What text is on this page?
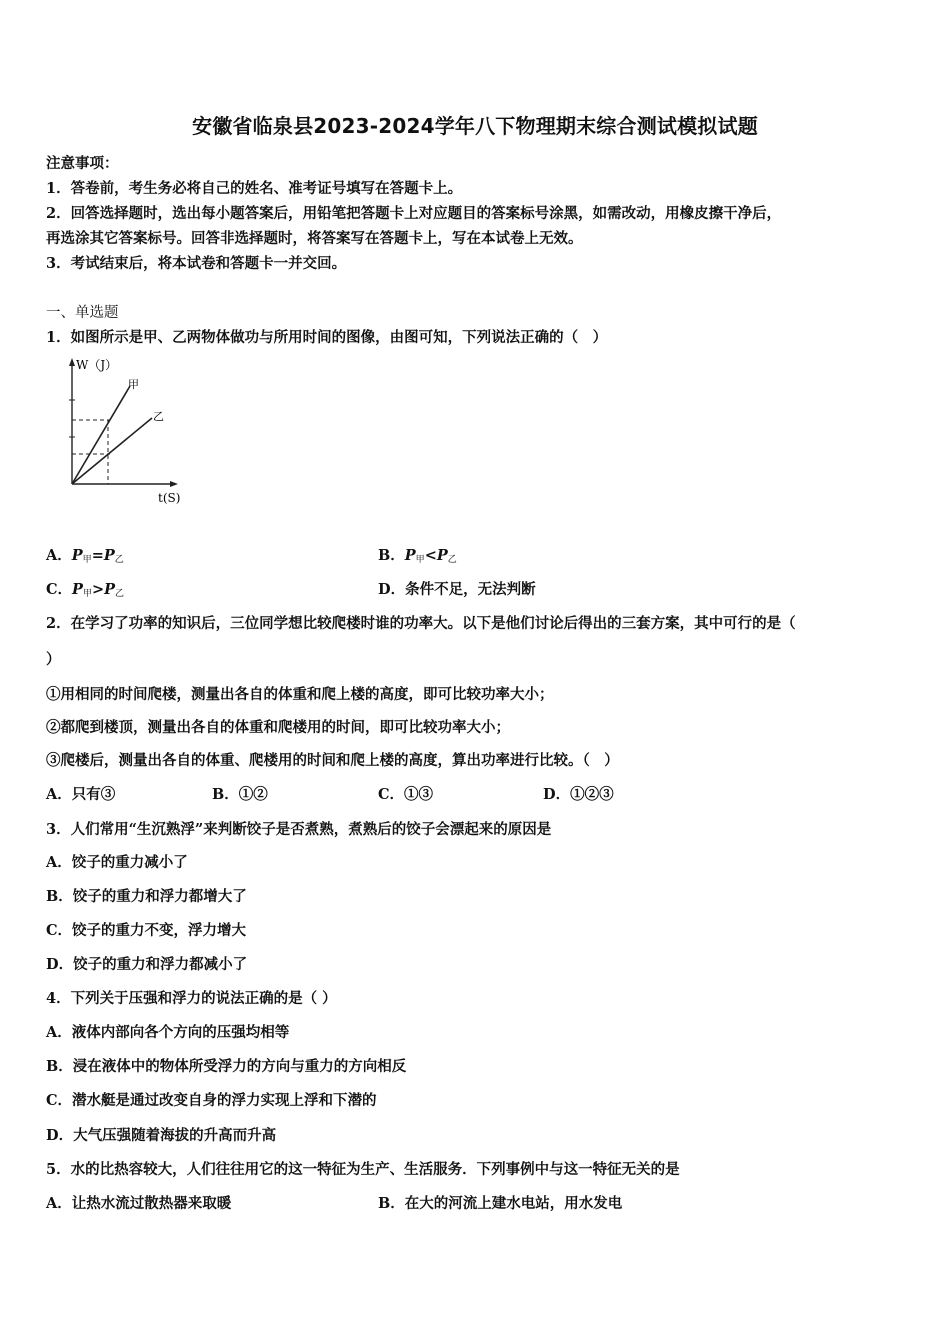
安徽省临泉县2023-2024学年八下物理期末综合测试模拟试题
注意事项：
1．答卷前，考生务必将自己的姓名、准考证号填写在答题卡上。
2．回答选择题时，选出每小题答案后，用铅笔把答题卡上对应题目的答案标号涂黑，如需改动，用橡皮擦干净后，
再选涂其它答案标号。回答非选择题时，将答案写在答题卡上，写在本试卷上无效。
3．考试结束后，将本试卷和答题卡一并交回。
一、单选题
1．如图所示是甲、乙两物体做功与所用时间的图像，由图可知，下列说法正确的（　）
W（J）
甲
乙
t(S)
A．$P_甲=P_乙$	B．$P_甲<P_乙$
C．$P_甲>P_乙$	D．条件不足，无法判断
2．在学习了功率的知识后，三位同学想比较爬楼时谁的功率大。以下是他们讨论后得出的三套方案，其中可行的是（
）
①用相同的时间爬楼，测量出各自的体重和爬上楼的高度，即可比较功率大小；
②都爬到楼顶，测量出各自的体重和爬楼用的时间，即可比较功率大小；
③爬楼后，测量出各自的体重、爬楼用的时间和爬上楼的高度，算出功率进行比较。（　）
A．只有③	B．①②	C．①③	D．①②③
3．人们常用“生沉熟浮”来判断饺子是否煮熟，煮熟后的饺子会漂起来的原因是
A．饺子的重力减小了
B．饺子的重力和浮力都增大了
C．饺子的重力不变，浮力增大
D．饺子的重力和浮力都减小了
4．下列关于压强和浮力的说法正确的是（ ）
A．液体内部向各个方向的压强均相等
B．浸在液体中的物体所受浮力的方向与重力的方向相反
C．潜水艇是通过改变自身的浮力实现上浮和下潜的
D．大气压强随着海拔的升高而升高
5．水的比热容较大，人们往往用它的这一特征为生产、生活服务．下列事例中与这一特征无关的是
A．让热水流过散热器来取暖	B．在大的河流上建水电站，用水发电
